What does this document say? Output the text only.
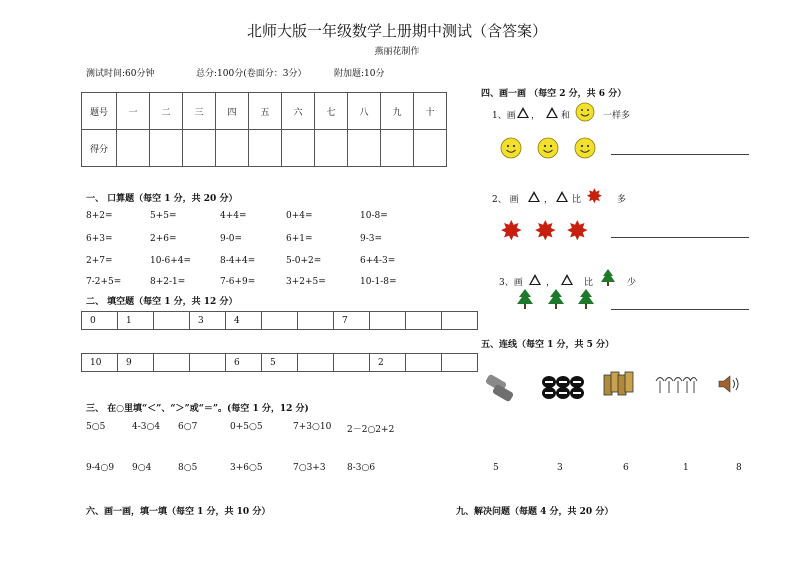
北师大版一年级数学上册期中测试（含答案）
燕丽花制作
测试时间:60分钟	总分:100分(卷面分：3分）	附加题:10分
题号	一	二	三	四	五	六	七	八	九	十
得分										
一、 口算题（每空 1 分，共 20 分）
8+2=	5+5=	4+4=	0+4=	10-8=
6+3=	2+6=	9-0=	6+1=	9-3=
2+7=	10-6+4=	8-4+4=	5-0+2=	6+4-3=
7-2+5=	8+2-1=	7-6+9=	3+2+5=	10-1-8=
二、 填空题（每空 1 分，共 12 分）
0	1		3	4			7			
10	9			6	5			2		
三、 在○里填“＜”、“＞”或“＝”。(每空 1 分，12 分)
5○5	4-3○4 6○7	0+5○5	7+3○10 2－2○2+2
9-4○9 9○4	8○5	3+6○5	7○3+3 8-3○6
六、画一画，填一填（每空 1 分，共 10 分）	九、解决问题（每题 4 分，共 20 分）
四、画一画 （每空 2 分，共 6 分）
1、画 ， 和	一样多
2、 画	， 比 ✸ 多
✸ ✸ ✸
3、画	，	比	少
五、连线（每空 1 分，共 5 分）
5	3	6	1	8
